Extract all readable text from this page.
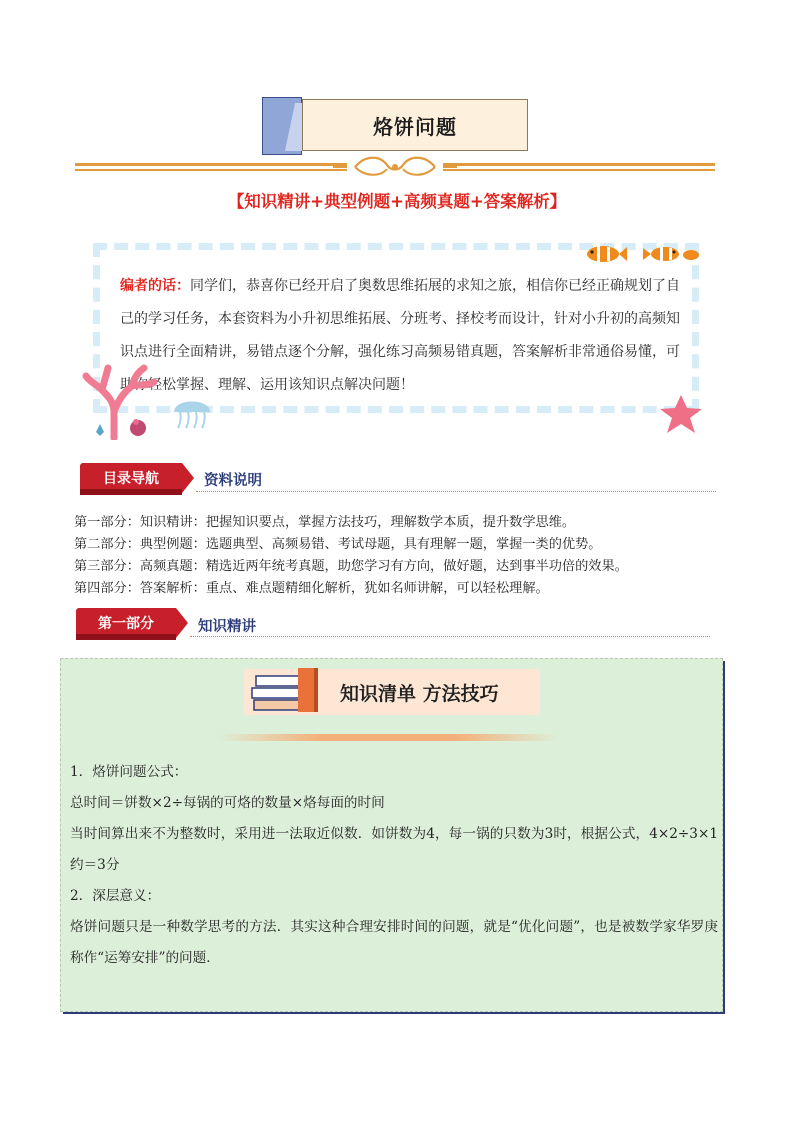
烙饼问题
【知识精讲+典型例题+高频真题+答案解析】
编者的话：同学们，恭喜你已经开启了奥数思维拓展的求知之旅，相信你已经正确规划了自己的学习任务，本套资料为小升初思维拓展、分班考、择校考而设计，针对小升初的高频知识点进行全面精讲，易错点逐个分解，强化练习高频易错真题，答案解析非常通俗易懂，可助你轻松掌握、理解、运用该知识点解决问题！
目录导航	资料说明
第一部分：知识精讲：把握知识要点，掌握方法技巧，理解数学本质，提升数学思维。
第二部分：典型例题：选题典型、高频易错、考试母题，具有理解一题，掌握一类的优势。
第三部分：高频真题：精选近两年统考真题，助您学习有方向，做好题，达到事半功倍的效果。
第四部分：答案解析：重点、难点题精细化解析，犹如名师讲解，可以轻松理解。
第一部分	知识精讲
知识清单 方法技巧
1．烙饼问题公式：
总时间＝饼数×2÷每锅的可烙的数量×烙每面的时间
当时间算出来不为整数时，采用进一法取近似数．如饼数为4，每一锅的只数为3时，根据公式，4×2÷3×1约＝3分
2．深层意义：
烙饼问题只是一种数学思考的方法．其实这种合理安排时间的问题，就是“优化问题”，也是被数学家华罗庚称作“运筹安排”的问题．
